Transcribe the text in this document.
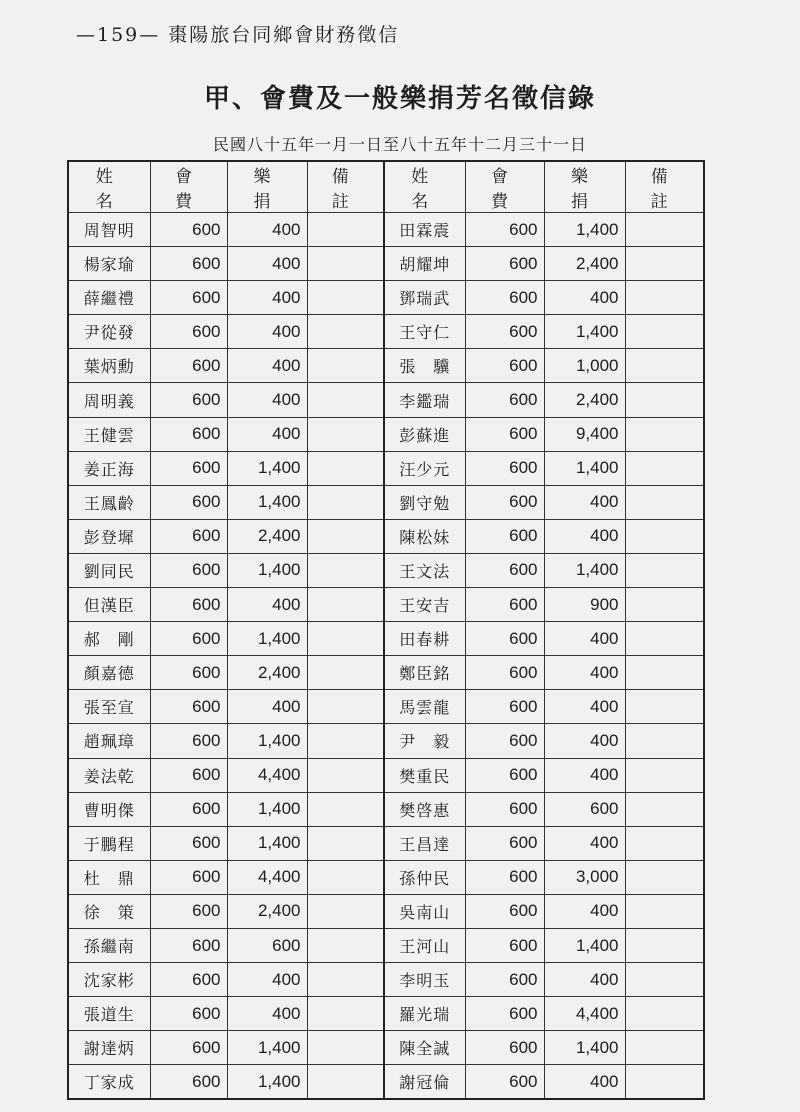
—159— 棗陽旅台同鄉會財務徵信
甲、會費及一般樂捐芳名徵信錄
民國八十五年一月一日至八十五年十二月三十一日
姓　名	會　費	樂　捐	備　註	姓　名	會　費	樂　捐	備　註
周智明	600	400		田霖震	600	1,400	
楊家瑜	600	400		胡耀坤	600	2,400	
薛繼禮	600	400		鄧瑞武	600	400	
尹從發	600	400		王守仁	600	1,400	
葉炳勳	600	400		張　驥	600	1,000	
周明義	600	400		李鑑瑞	600	2,400	
王健雲	600	400		彭蘇進	600	9,400	
姜正海	600	1,400		汪少元	600	1,400	
王鳳齡	600	1,400		劉守勉	600	400	
彭登墀	600	2,400		陳松妹	600	400	
劉同民	600	1,400		王文法	600	1,400	
但漢臣	600	400		王安吉	600	900	
郝　剛	600	1,400		田春耕	600	400	
顏嘉德	600	2,400		鄭臣銘	600	400	
張至宣	600	400		馬雲龍	600	400	
趙珮璋	600	1,400		尹　毅	600	400	
姜法乾	600	4,400		樊重民	600	400	
曹明傑	600	1,400		樊啓惠	600	600	
于鵬程	600	1,400		王昌達	600	400	
杜　鼎	600	4,400		孫仲民	600	3,000	
徐　策	600	2,400		吳南山	600	400	
孫繼南	600	600		王河山	600	1,400	
沈家彬	600	400		李明玉	600	400	
張道生	600	400		羅光瑞	600	4,400	
謝達炳	600	1,400		陳全誠	600	1,400	
丁家成	600	1,400		謝冠倫	600	400	
